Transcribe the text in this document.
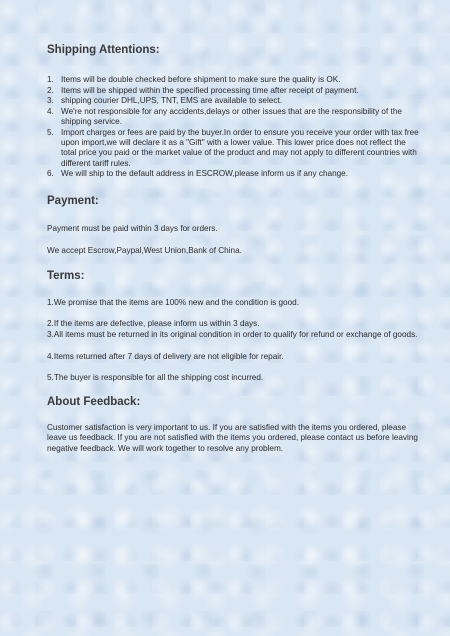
Shipping Attentions:
1. Items will be double checked before shipment to make sure the quality is OK.
2. Items will be shipped within the specified processing time after receipt of payment.
3. shipping courier DHL,UPS, TNT, EMS are available to select.
4. We're not responsible for any accidents,delays or other issues that are the responsibility of the shipping service.
5. Import charges or fees are paid by the buyer.In order to ensure you receive your order with tax free upon import,we will declare it as a "Gift" with a lower value. This lower price does not reflect the total price you paid or the market value of the product and may not apply to different countries with different tariff rules.
6. We will ship to the default address in ESCROW,please inform us if any change.
Payment:

Payment must be paid within 3 days for orders.

We accept Escrow,Paypal,West Union,Bank of China.

Terms:

1.We promise that the items are 100% new and the condition is good.

2.If the items are defective, please inform us within 3 days.

3.All items must be returned in its original condition in order to qualify for refund or exchange of goods.

4.Items returned after 7 days of delivery are not eligible for repair.

5.The buyer is responsible for all the shipping cost incurred.

About Feedback:

Customer satisfaction is very important to us. If you are satisfied with the items you ordered, please leave us feedback. If you are not satisfied with the items you ordered, please contact us before leaving negative feedback. We will work together to resolve any problem.
